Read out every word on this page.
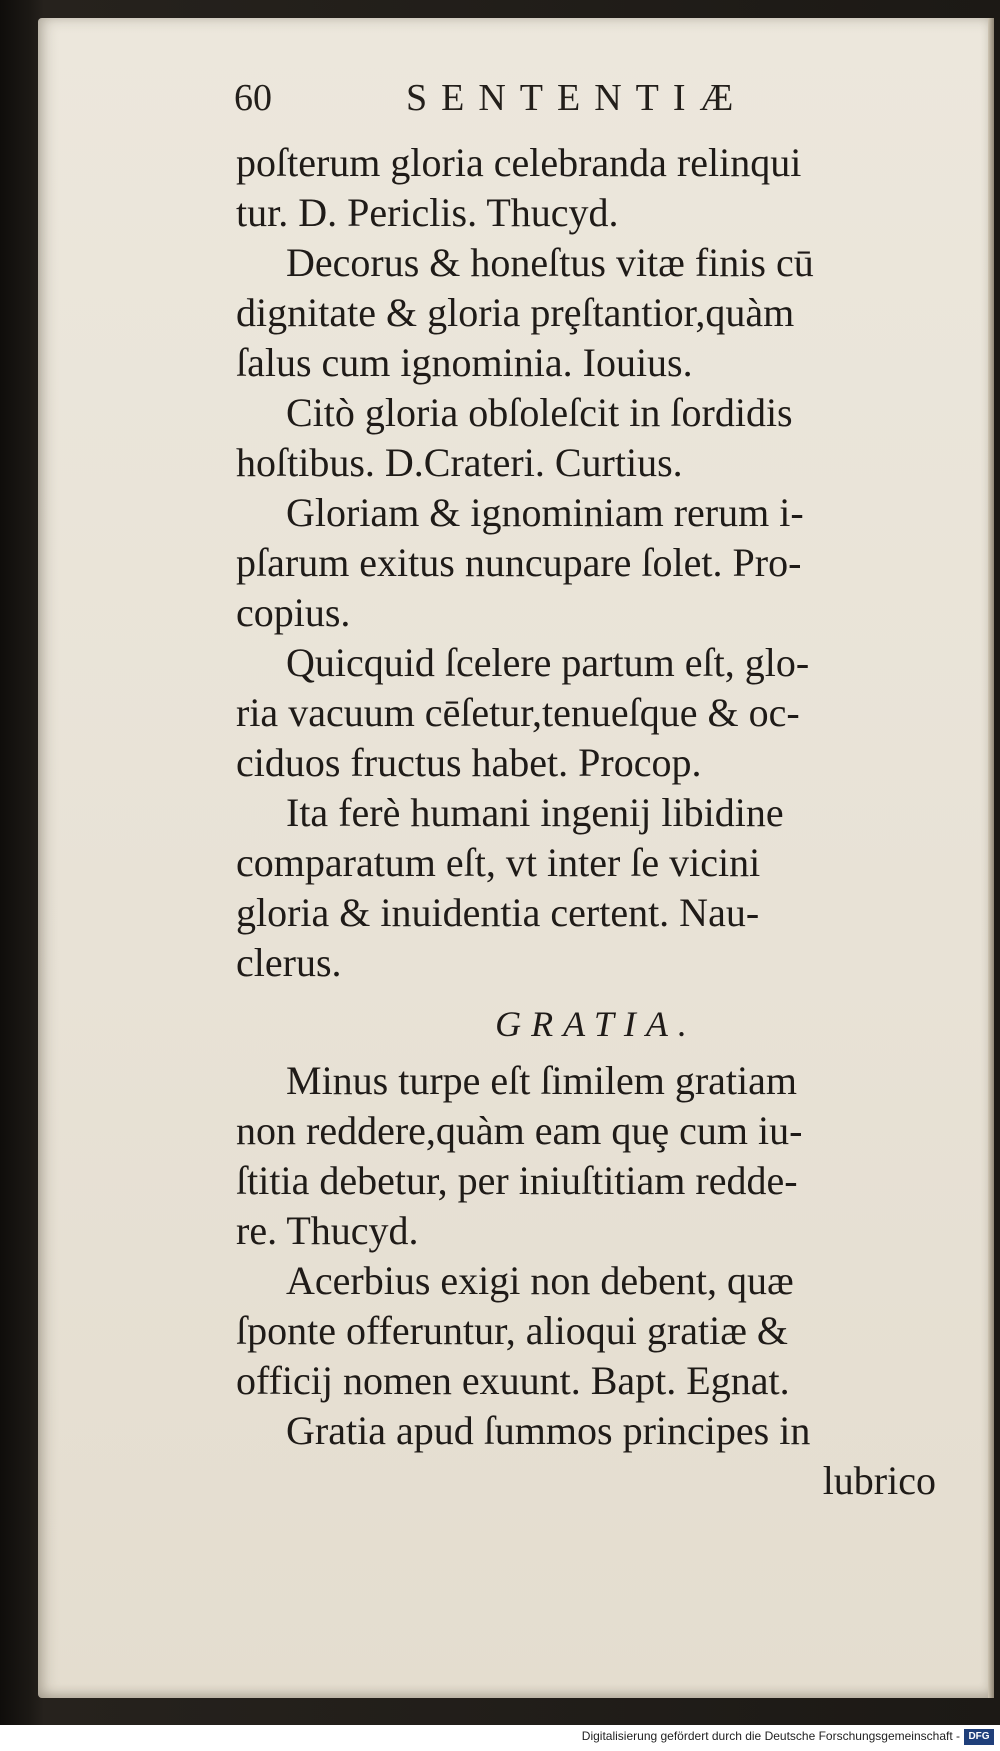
60	SENTENTIÆ
poſterum gloria celebranda relinqui
tur. D. Periclis. Thucyd.
Decorus & honeſtus vitæ finis cū
dignitate & gloria prȩſtantior,quàm
ſalus cum ignominia. Iouius.
Citò gloria obſoleſcit in ſordidis
hoſtibus. D.Crateri. Curtius.
Gloriam & ignominiam rerum i-
pſarum exitus nuncupare ſolet. Pro-
copius.
Quicquid ſcelere partum eſt, glo-
ria vacuum cēſetur,tenueſque & oc-
ciduos fructus habet. Procop.
Ita ferè humani ingenij libidine
comparatum eſt, vt inter ſe vicini
gloria & inuidentia certent. Nau-
clerus.
GRATIA.
Minus turpe eſt ſimilem gratiam
non reddere,quàm eam quȩ cum iu-
ſtitia debetur, per iniuſtitiam redde-
re. Thucyd.
Acerbius exigi non debent, quæ
ſponte offeruntur, alioqui gratiæ &
officij nomen exuunt. Bapt. Egnat.
Gratia apud ſummos principes in
lubrico
Digitalisierung gefördert durch die Deutsche Forschungsgemeinschaft - DFG
